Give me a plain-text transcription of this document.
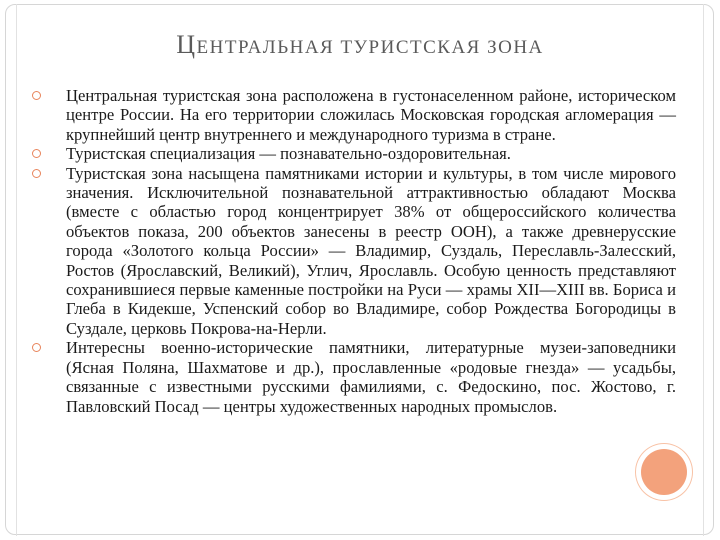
ЦЕНТРАЛЬНАЯ ТУРИСТСКАЯ ЗОНА
Центральная туристская зона расположена в густонаселенном районе, историческом центре России. На его территории сложилась Московская городская агломерация — крупнейший центр внутреннего и международного туризма в стране.
Туристская специализация — познавательно-оздоровительная.
Туристская зона насыщена памятниками истории и культуры, в том числе мирового значения. Исключительной познавательной аттрактивностью обладают Москва (вместе с областью город концентрирует 38% от общероссийского количества объектов показа, 200 объектов занесены в реестр ООН), а также древнерусские города «Золотого кольца России» — Владимир, Суздаль, Переславль-Залесский, Ростов (Ярославский, Великий), Углич, Ярославль. Особую ценность представляют сохранившиеся первые каменные постройки на Руси — храмы XII—XIII вв. Бориса и Глеба в Кидекше, Успенский собор во Владимире, собор Рождества Богородицы в Суздале, церковь Покрова-на-Нерли.
Интересны военно-исторические памятники, литературные музеи-заповедники (Ясная Поляна, Шахматове и др.), прославленные «родовые гнезда» — усадьбы, связанные с известными русскими фамилиями, с. Федоскино, пос. Жостово, г. Павловский Посад — центры художественных народных промыслов.
